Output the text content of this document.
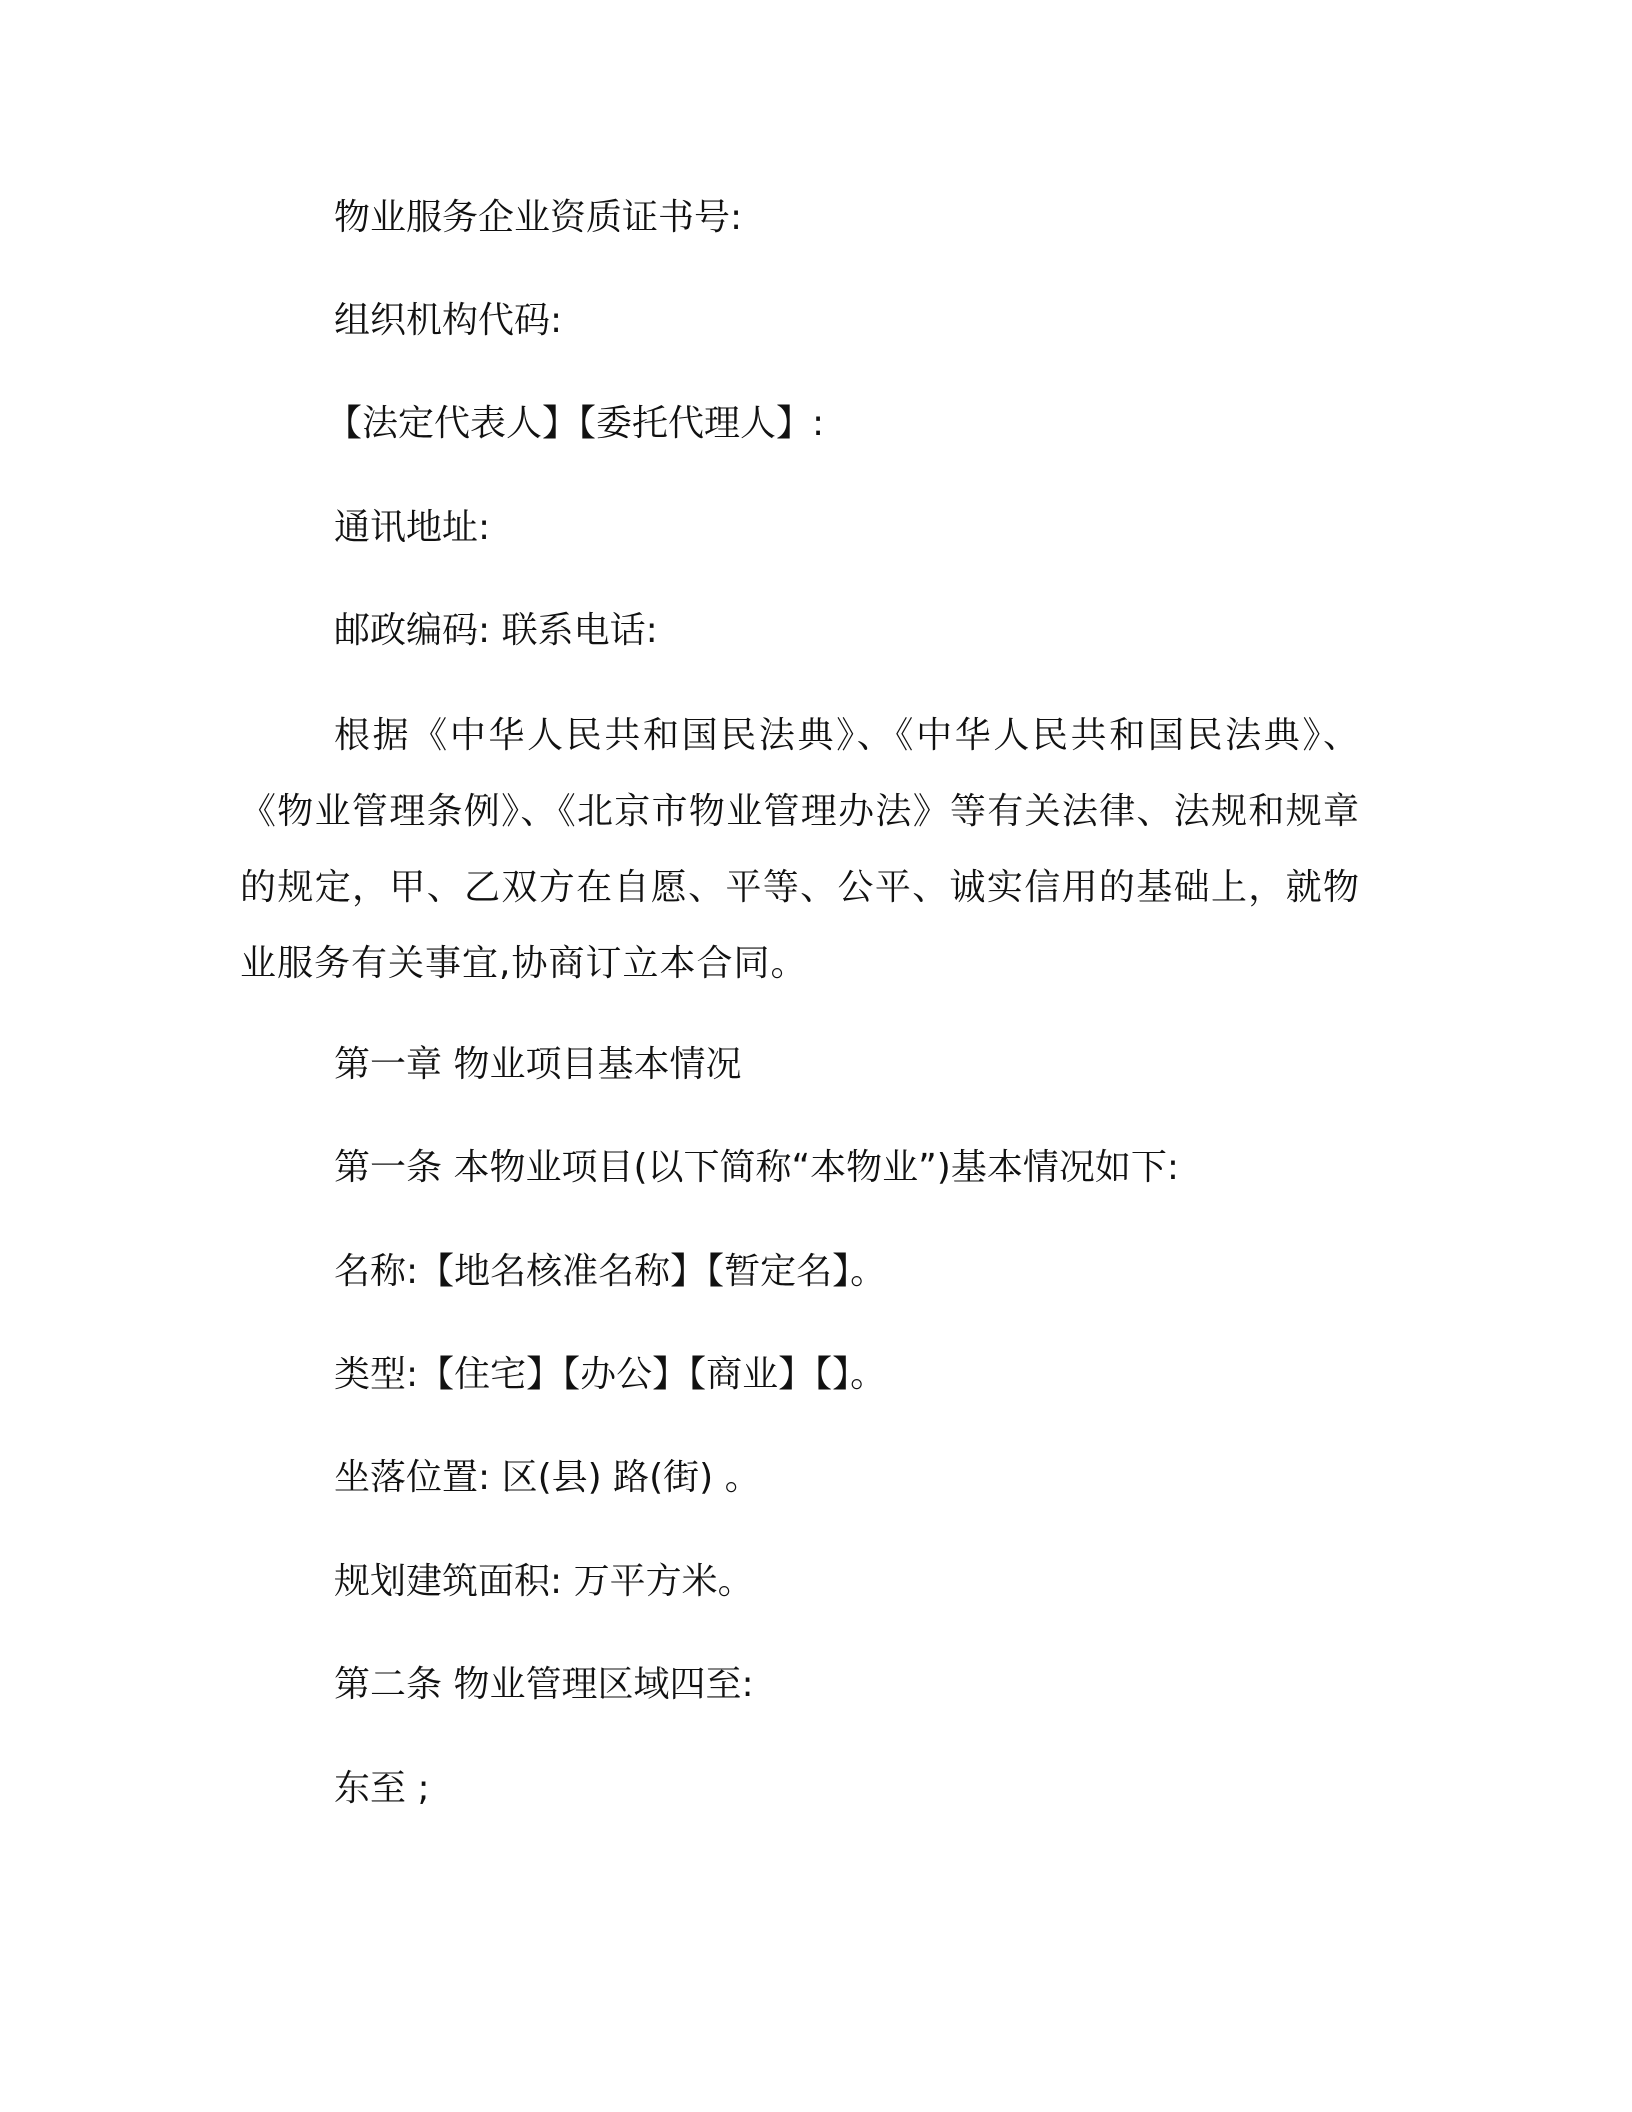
物业服务企业资质证书号:
组织机构代码:
【法定代表人】【委托代理人】:
通讯地址:
邮政编码: 联系电话:
根据《中华人民共和国民法典》、《中华人民共和国民法典》、《物业管理条例》、《北京市物业管理办法》等有关法律、法规和规章的规定，甲、乙双方在自愿、平等、公平、诚实信用的基础上，就物业服务有关事宜,协商订立本合同。
第一章 物业项目基本情况
第一条 本物业项目(以下简称“本物业”)基本情况如下:
名称:【地名核准名称】【暂定名】。
类型:【住宅】【办公】【商业】【】。
坐落位置: 区(县) 路(街) 。
规划建筑面积: 万平方米。
第二条 物业管理区域四至:
东至 ;
